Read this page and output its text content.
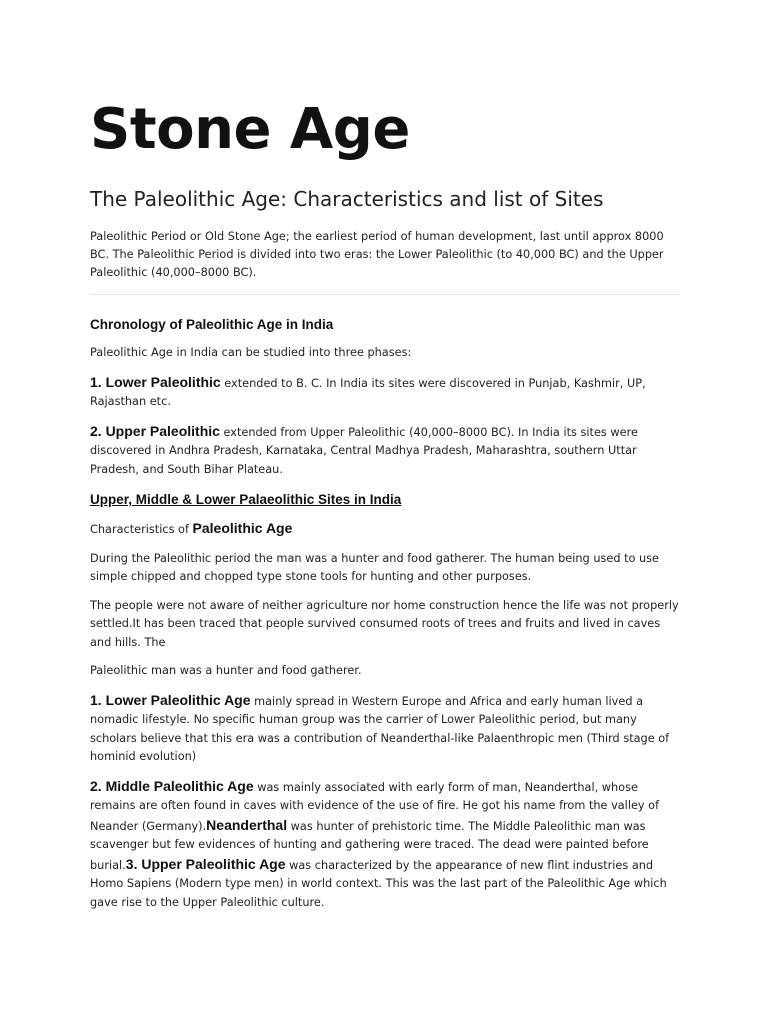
Stone Age
The Paleolithic Age: Characteristics and list of Sites

Paleolithic Period or Old Stone Age; the earliest period of human development, last until approx 8000 BC. The Paleolithic Period is divided into two eras: the Lower Paleolithic (to 40,000 BC) and the Upper Paleolithic (40,000–8000 BC).

Chronology of Paleolithic Age in India

Paleolithic Age in India can be studied into three phases:

1. Lower Paleolithic extended to B. C. In India its sites were discovered in Punjab, Kashmir, UP, Rajasthan etc.

2. Upper Paleolithic extended from Upper Paleolithic (40,000–8000 BC). In India its sites were discovered in Andhra Pradesh, Karnataka, Central Madhya Pradesh, Maharashtra, southern Uttar Pradesh, and South Bihar Plateau.

Upper, Middle & Lower Palaeolithic Sites in India

Characteristics of Paleolithic Age

During the Paleolithic period the man was a hunter and food gatherer. The human being used to use simple chipped and chopped type stone tools for hunting and other purposes.

The people were not aware of neither agriculture nor home construction hence the life was not properly settled.It has been traced that people survived consumed roots of trees and fruits and lived in caves and hills. The

Paleolithic man was a hunter and food gatherer.

1. Lower Paleolithic Age mainly spread in Western Europe and Africa and early human lived a nomadic lifestyle. No specific human group was the carrier of Lower Paleolithic period, but many scholars believe that this era was a contribution of Neanderthal-like Palaenthropic men (Third stage of hominid evolution)

2. Middle Paleolithic Age was mainly associated with early form of man, Neanderthal, whose remains are often found in caves with evidence of the use of fire. He got his name from the valley of Neander (Germany).Neanderthal was hunter of prehistoric time. The Middle Paleolithic man was scavenger but few evidences of hunting and gathering were traced. The dead were painted before burial.3. Upper Paleolithic Age was characterized by the appearance of new flint industries and Homo Sapiens (Modern type men) in world context. This was the last part of the Paleolithic Age which gave rise to the Upper Paleolithic culture.
